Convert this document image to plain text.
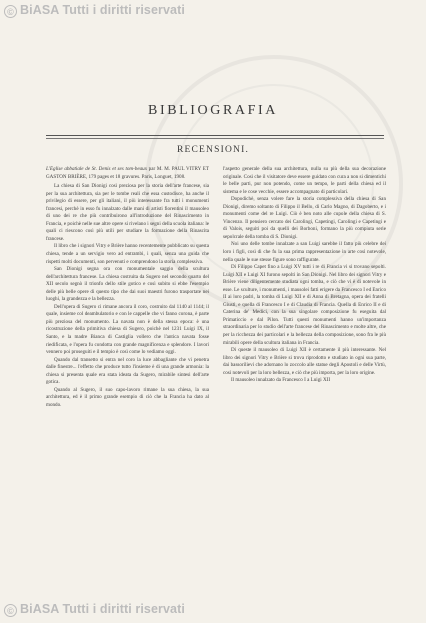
© BiASA Tutti i diritti riservati
BIBLIOGRAFIA
RECENSIONI.

L'Église abbatiale de St. Denis et ses tom-beaux par M. M. PAUL VITRY ET GASTON BRIÈRE, 179 pages et 18 gravures. Paris, Longuet, 1908.

La chiesa di San Dionigi così preziosa per la storia dell'arte francese, sia per la sua architettura, sia per le tombe reali che essa custodisce, ha anche il privilegio di essere, per gli italiani, il più interessante fra tutti i monumenti francesi, perchè in esso fu innalzato dalle mani di artisti fiorentini il mausoleo di uno dei re che più contribuirono all'introduzione del Rinascimento in Francia, e poichè nelle sue altre opere si rivelano i segni della scuola italiana: le quali ci riescono così più utili per studiare la formazione della Rinascita francese.

Il libro che i signori Vitry e Brière hanno recentemente pubblicato su questa chiesa, tende a un servigio vero ad entrambi, i quali, senza una guida che rispetti molti documenti, son pervenuti e comprendono la storia complessiva.

San Dionigi segna ora con monumentale saggio della scultura dell'architettura francese. La chiesa costruita da Sugero nel secondo quarto del XII secolo segnò il trionfo dello stile gotico e così subito si ebbe l'esempio delle più belle opere di questo tipo che dai suoi maestri furono trasportate nei luoghi, la grandezza e la bellezza.

Dell'opera di Sugero ci rimane ancora il coro, costruito dal 1140 al 1144; il quale, insieme col deambulatorio e con le cappelle che vi fanno corona, è parte più preziosa del monumento. La navata non è della stessa epoca: è una ricostruzione della primitiva chiesa di Sugero, poichè nel 1231 Luigi IX, il Santo, e la madre Bianca di Castiglia vollero che l'antica navata fosse riedificata, e l'opera fu condotta con grande magnificenza e splendore. I lavori vennero poi proseguiti e il tempio è così come lo vediamo oggi.

Quando dal transetto si entra nel coro la luce abbagliante che vi penetra dalle finestre... l'effetto che produce tutto l'insieme è di una grande armonia: la chiesa si presenta quale era stata ideata da Sugero, mirabile sintesi dell'arte gotica.

Quando al Sugero, il suo capo-lavoro rimane la sua chiesa, la sua architettura, ed è il primo grande esempio di ciò che la Francia ha dato al mondo.

l'aspetto generale della sua architettura, nulla su più della sua decorazione originale. Così che il visitatore deve essere guidato con cura a non si dimentichi le belle parti, pur non potendo, come un tempo, le parti della chiesa ed il sistema e le cose vecchie, essere accompagnato di particolari.

Dopodichè, senza volere fare la storia complessiva della chiesa di San Dionigi, diremo soltanto di Filippo il Bello, di Carlo Magno, di Dagoberto, e i monumenti come del re Luigi. Ciò è ben noto alle cupole della chiesa di S. Vincenzo. Il pensiero cercato dei Carolingi, Capetingi, Carolingi e Capetingi e di Valois, seguiti poi da quelli dei Borboni, formano la più compiuta serie sepolcrale della tomba di S. Dionigi.

Noi uno delle tombe innalzate a san Luigi sarebbe il fatto più celebre dei loro i figli, così di che fu la sua prima rappresentazione in arte così notevole, nella quale le sue stesse figure sono raffigurate.

Di Filippo Capet fino a Luigi XV tutti i re di Francia vi si trovano sepolti. Luigi XII e Luigi XI furono sepolti in San Dionigi. Nel libro dei signori Vitry e Brière viene diligentemente studiata ogni tomba, e ciò che vi è di notevole in esse. Le sculture, i monumenti, i mausolei fatti erigere da Francesco I ed Enrico II ai loro padri, la tomba di Luigi XII e di Anna di Bretagna, opera dei fratelli Giusti, e quella di Francesco I e di Claudia di Francia. Quella di Enrico II e di Caterina de' Medici, con la sua singolare composizione fu eseguita dal Primaticcio e dal Pilon. Tutti questi monumenti hanno un'importanza straordinaria per lo studio dell'arte francese del Rinascimento e molte altre, che per la ricchezza dei particolari e la bellezza della composizione, sono fra le più mirabili opere della scultura italiana in Francia.

Di queste il mausoleo di Luigi XII è certamente il più interessante. Nel libro dei signori Vitry e Brière si trova riprodotto e studiato in ogni sua parte, dai bassorilievi che adornano lo zoccolo alle statue degli Apostoli e delle Virtù, così notevoli per la loro bellezza, e ciò che più importa, per la loro origine.

Il mausoleo innalzato da Francesco I a Luigi XII

© BiASA Tutti i diritti riservati
